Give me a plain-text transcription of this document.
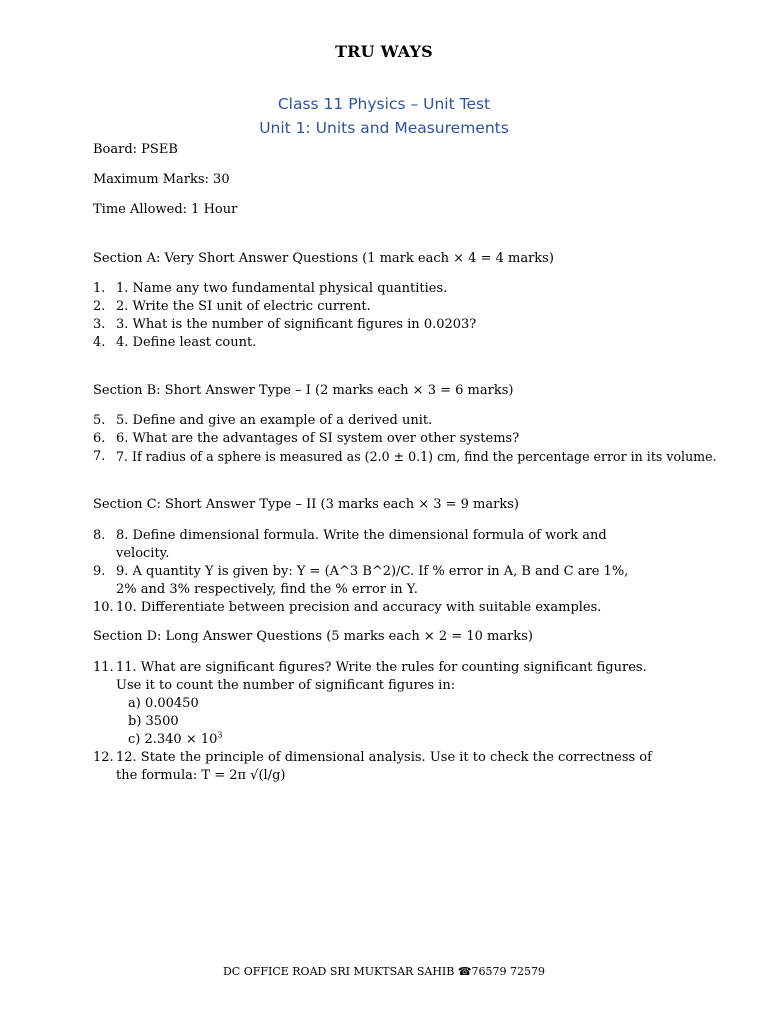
TRU WAYS
Class 11 Physics – Unit Test
Unit 1: Units and Measurements
Board: PSEB
Maximum Marks: 30
Time Allowed: 1 Hour
Section A: Very Short Answer Questions (1 mark each × 4 = 4 marks)
1. 1. Name any two fundamental physical quantities.
2. 2. Write the SI unit of electric current.
3. 3. What is the number of significant figures in 0.0203?
4. 4. Define least count.
Section B: Short Answer Type – I (2 marks each × 3 = 6 marks)
5. 5. Define and give an example of a derived unit.
6. 6. What are the advantages of SI system over other systems?
7. 7. If radius of a sphere is measured as (2.0 ± 0.1) cm, find the percentage error in its volume.
Section C: Short Answer Type – II (3 marks each × 3 = 9 marks)
8. 8. Define dimensional formula. Write the dimensional formula of work and velocity.
9. 9. A quantity Y is given by: Y = (A^3 B^2)/C. If % error in A, B and C are 1%, 2% and 3% respectively, find the % error in Y.
10. 10. Differentiate between precision and accuracy with suitable examples.
Section D: Long Answer Questions (5 marks each × 2 = 10 marks)
11. 11. What are significant figures? Write the rules for counting significant figures. Use it to count the number of significant figures in:
a) 0.00450
b) 3500
c) $2.340 \times 10^3$
12. 12. State the principle of dimensional analysis. Use it to check the correctness of the formula: T = 2π √(l/g)
DC OFFICE ROAD SRI MUKTSAR SAHIB ☎76579 72579
